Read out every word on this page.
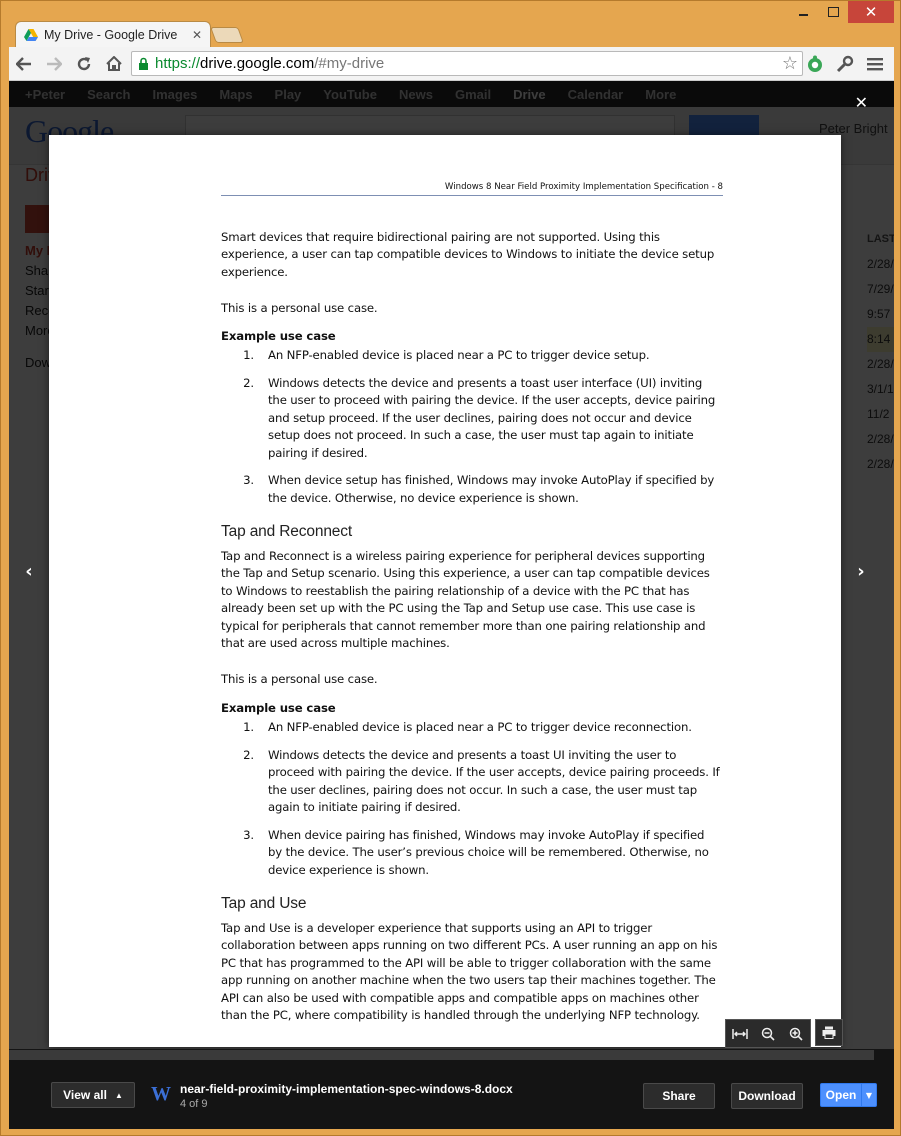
✕
My Drive - Google Drive	✕
https://drive.google.com/#my-drive	☆
Windows 8 Near Field Proximity Implementation Specification - 8
Smart devices that require bidirectional pairing are not supported. Using this experience, a user can tap compatible devices to Windows to initiate the device setup experience.
This is a personal use case.
Example use case
1.	An NFP-enabled device is placed near a PC to trigger device setup.
2.	Windows detects the device and presents a toast user interface (UI) inviting the user to proceed with pairing the device. If the user accepts, device pairing and setup proceed. If the user declines, pairing does not occur and device setup does not proceed. In such a case, the user must tap again to initiate pairing if desired.
3.	When device setup has finished, Windows may invoke AutoPlay if specified by the device. Otherwise, no device experience is shown.
Tap and Reconnect
Tap and Reconnect is a wireless pairing experience for peripheral devices supporting the Tap and Setup scenario. Using this experience, a user can tap compatible devices to Windows to reestablish the pairing relationship of a device with the PC that has already been set up with the PC using the Tap and Setup use case. This use case is typical for peripherals that cannot remember more than one pairing relationship and that are used across multiple machines.
This is a personal use case.
Example use case
1.	An NFP-enabled device is placed near a PC to trigger device reconnection.
2.	Windows detects the device and presents a toast UI inviting the user to proceed with pairing the device. If the user accepts, device pairing proceeds. If the user declines, pairing does not occur. In such a case, the user must tap again to initiate pairing if desired.
3.	When device pairing has finished, Windows may invoke AutoPlay if specified by the device. The user’s previous choice will be remembered. Otherwise, no device experience is shown.
Tap and Use
Tap and Use is a developer experience that supports using an API to trigger collaboration between apps running on two different PCs. A user running an app on his PC that has programmed to the API will be able to trigger collaboration with the same app running on another machine when the two users tap their machines together. The API can also be used with compatible apps and compatible apps on machines other than the PC, where compatibility is handled through the underlying NFP technology.
✕
‹	›
View all ▲ W near-field-proximity-implementation-spec-windows-8.docx
4 of 9
Share	Download	Open	▼
